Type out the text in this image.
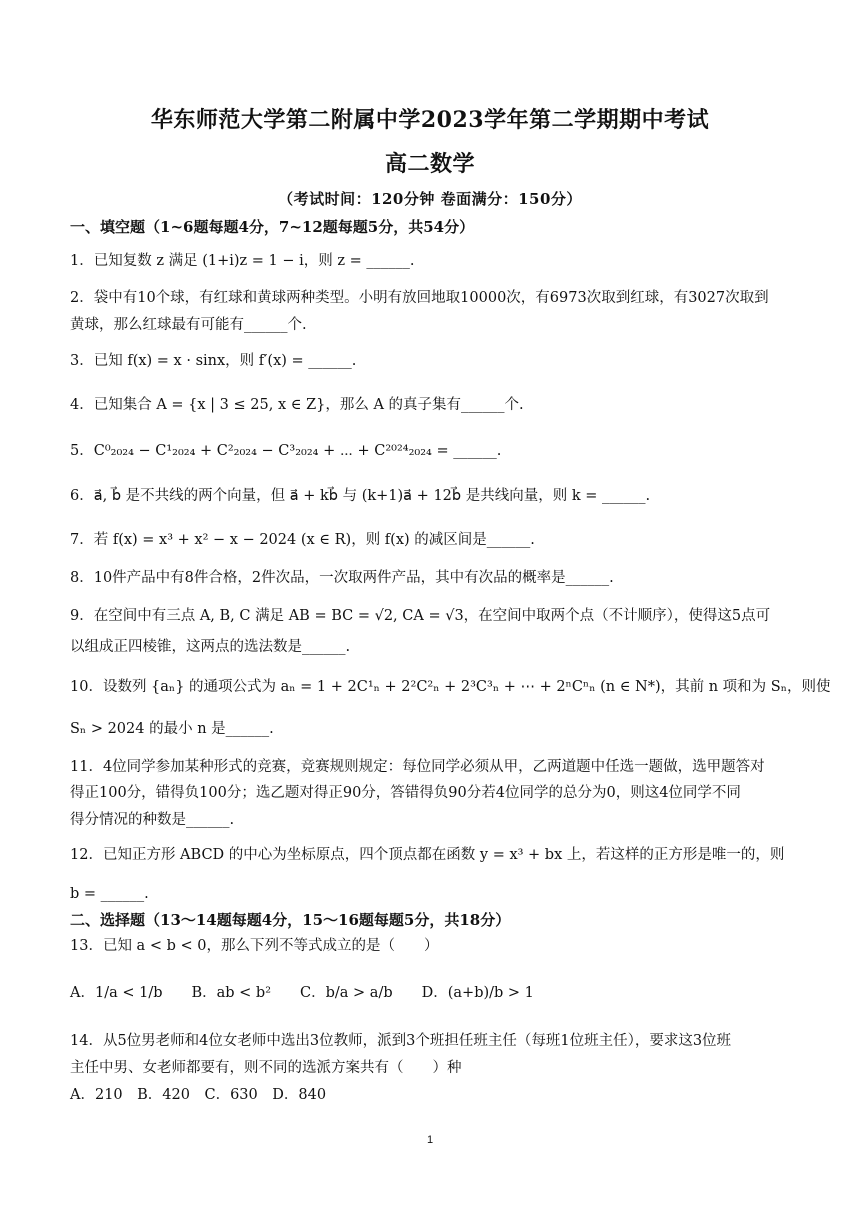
华东师范大学第二附属中学2023学年第二学期期中考试
高二数学
（考试时间：120分钟 卷面满分：150分）
一、填空题（1~6题每题4分，7~12题每题5分，共54分）
1．已知复数 z 满足 (1+i)z = 1 − i，则 z = ______.
2．袋中有10个球，有红球和黄球两种类型。小明有放回地取10000次，有6973次取到红球，有3027次取到
黄球，那么红球最有可能有______个.
3．已知 f(x) = x · sinx，则 f′(x) = ______.
4．已知集合 A = {x | 3 ≤ 25, x ∈ Z}，那么 A 的真子集有______个.
5．C⁰₂₀₂₄ − C¹₂₀₂₄ + C²₂₀₂₄ − C³₂₀₂₄ + ⋯ + C²⁰²⁴₂₀₂₄ = ______.
6．a⃗, b⃗ 是不共线的两个向量，但 a⃗ + kb⃗ 与 (k+1)a⃗ + 12b⃗ 是共线向量，则 k = ______.
7．若 f(x) = x³ + x² − x − 2024 (x ∈ R)，则 f(x) 的减区间是______.
8．10件产品中有8件合格，2件次品，一次取两件产品，其中有次品的概率是______.
9．在空间中有三点 A, B, C 满足 AB = BC = √2, CA = √3，在空间中取两个点（不计顺序），使得这5点可
以组成正四棱锥，这两点的选法数是______.
10．设数列 {aₙ} 的通项公式为 aₙ = 1 + 2C¹ₙ + 2²C²ₙ + 2³C³ₙ + ⋯ + 2ⁿCⁿₙ (n ∈ N*)，其前 n 项和为 Sₙ，则使
Sₙ > 2024 的最小 n 是______.
11．4位同学参加某种形式的竞赛，竞赛规则规定：每位同学必须从甲，乙两道题中任选一题做，选甲题答对
得正100分，错得负100分；选乙题对得正90分，答错得负90分若4位同学的总分为0，则这4位同学不同
得分情况的种数是______.
12．已知正方形 ABCD 的中心为坐标原点，四个顶点都在函数 y = x³ + bx 上，若这样的正方形是唯一的，则
b = ______.
二、选择题（13～14题每题4分，15～16题每题5分，共18分）
13．已知 a < b < 0，那么下列不等式成立的是（　　）
A．1/a < 1/b　　B．ab < b²　　C．b/a > a/b　　D．(a+b)/b > 1
14．从5位男老师和4位女老师中选出3位教师，派到3个班担任班主任（每班1位班主任），要求这3位班
主任中男、女老师都要有，则不同的选派方案共有（　　）种
A．210　B．420　C．630　D．840
1
